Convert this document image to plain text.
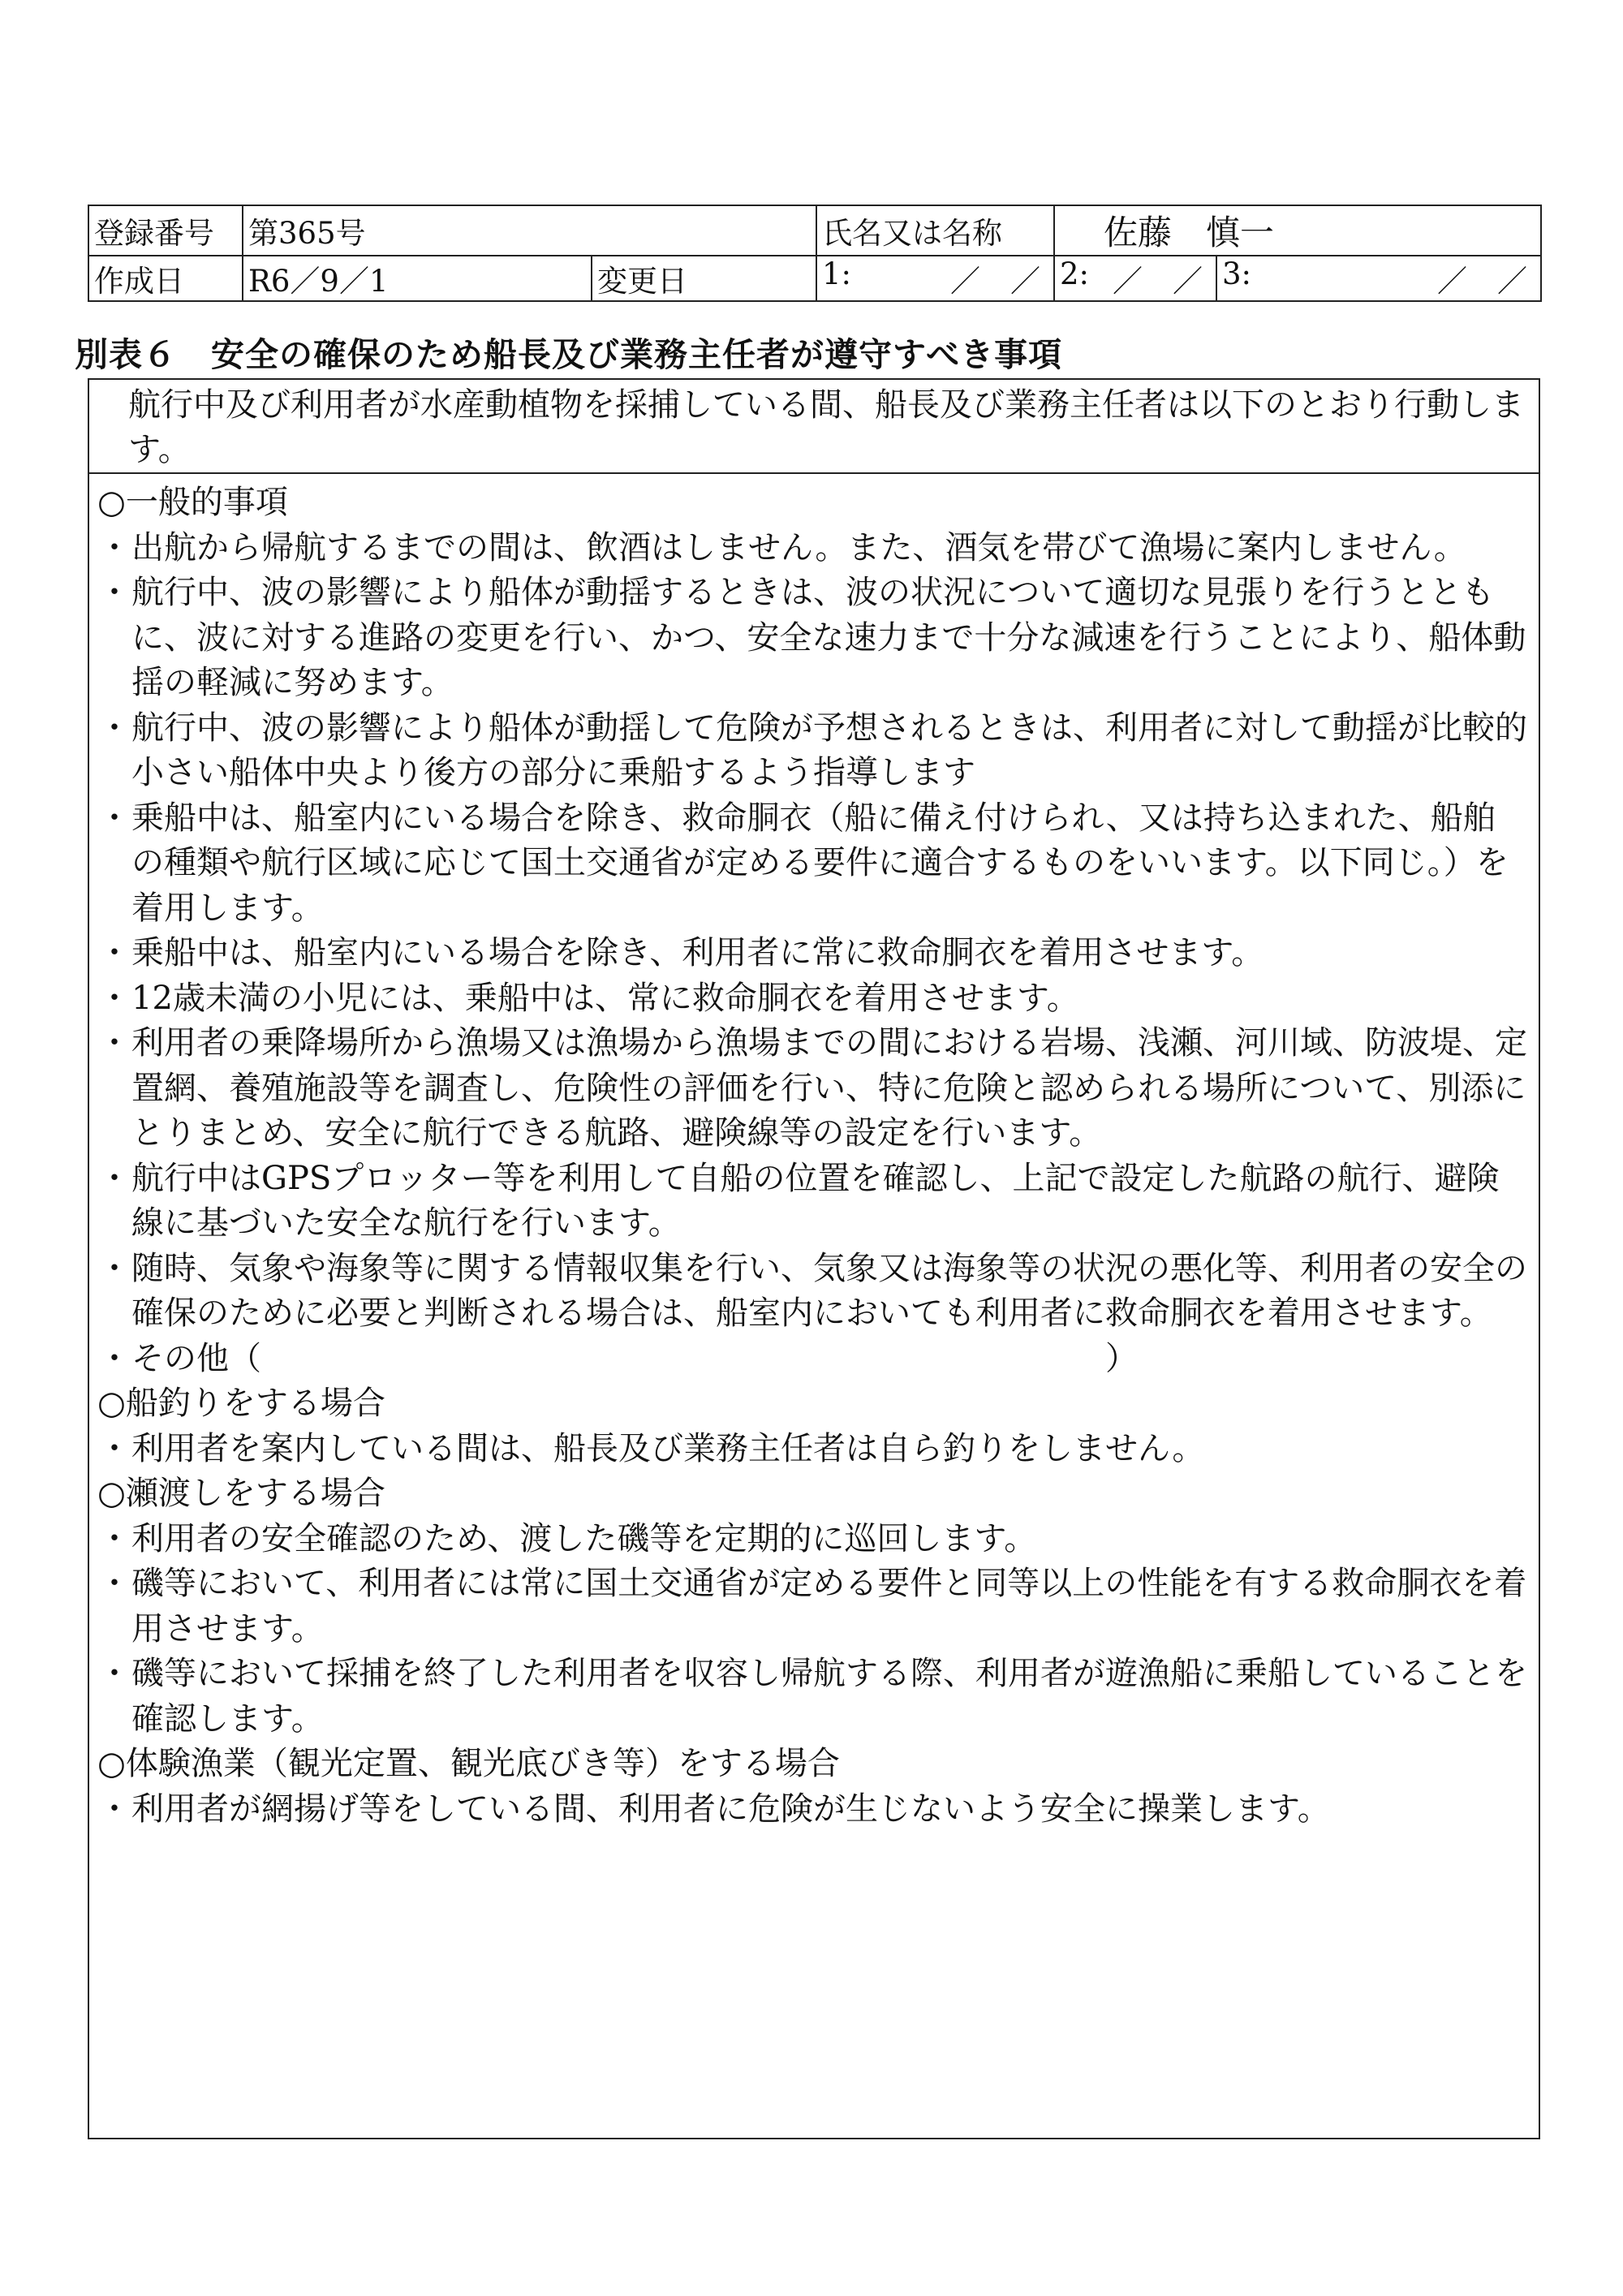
登録番号	第365号		氏名又は名称	佐藤　慎一	
作成日	R6／9／1	変更日	1: ／　／	2: ／　／	3: ／　／
別表６　安全の確保のため船長及び業務主任者が遵守すべき事項
航行中及び利用者が水産動植物を採捕している間、船長及び業務主任者は以下のとおり行動します。

○一般的事項

・ 出航から帰航するまでの間は、飲酒はしません。また、酒気を帯びて漁場に案内しません。
・ 航行中、波の影響により船体が動揺するときは、波の状況について適切な見張りを行うとともに、波に対する進路の変更を行い、かつ、安全な速力まで十分な減速を行うことにより、船体動揺の軽減に努めます。
・ 航行中、波の影響により船体が動揺して危険が予想されるときは、利用者に対して動揺が比較的小さい船体中央より後方の部分に乗船するよう指導します
・ 乗船中は、船室内にいる場合を除き、救命胴衣（船に備え付けられ、又は持ち込まれた、船舶の種類や航行区域に応じて国土交通省が定める要件に適合するものをいいます。以下同じ。）を着用します。
・ 乗船中は、船室内にいる場合を除き、利用者に常に救命胴衣を着用させます。
・ 12歳未満の小児には、乗船中は、常に救命胴衣を着用させます。
・ 利用者の乗降場所から漁場又は漁場から漁場までの間における岩場、浅瀬、河川域、防波堤、定置網、養殖施設等を調査し、危険性の評価を行い、特に危険と認められる場所について、別添にとりまとめ、安全に航行できる航路、避険線等の設定を行います。
・ 航行中はGPSプロッター等を利用して自船の位置を確認し、上記で設定した航路の航行、避険線に基づいた安全な航行を行います。
・ 随時、気象や海象等に関する情報収集を行い、気象又は海象等の状況の悪化等、利用者の安全の確保のために必要と判断される場合は、船室内においても利用者に救命胴衣を着用させます。
・ その他（　　　　　　　　　　　　　　　　　　　　　　　　　　）

○船釣りをする場合

・ 利用者を案内している間は、船長及び業務主任者は自ら釣りをしません。

○瀬渡しをする場合

・ 利用者の安全確認のため、渡した磯等を定期的に巡回します。
・ 磯等において、利用者には常に国土交通省が定める要件と同等以上の性能を有する救命胴衣を着用させます。
・ 磯等において採捕を終了した利用者を収容し帰航する際、利用者が遊漁船に乗船していることを確認します。

○体験漁業（観光定置、観光底びき等）をする場合

・ 利用者が網揚げ等をしている間、利用者に危険が生じないよう安全に操業します。
